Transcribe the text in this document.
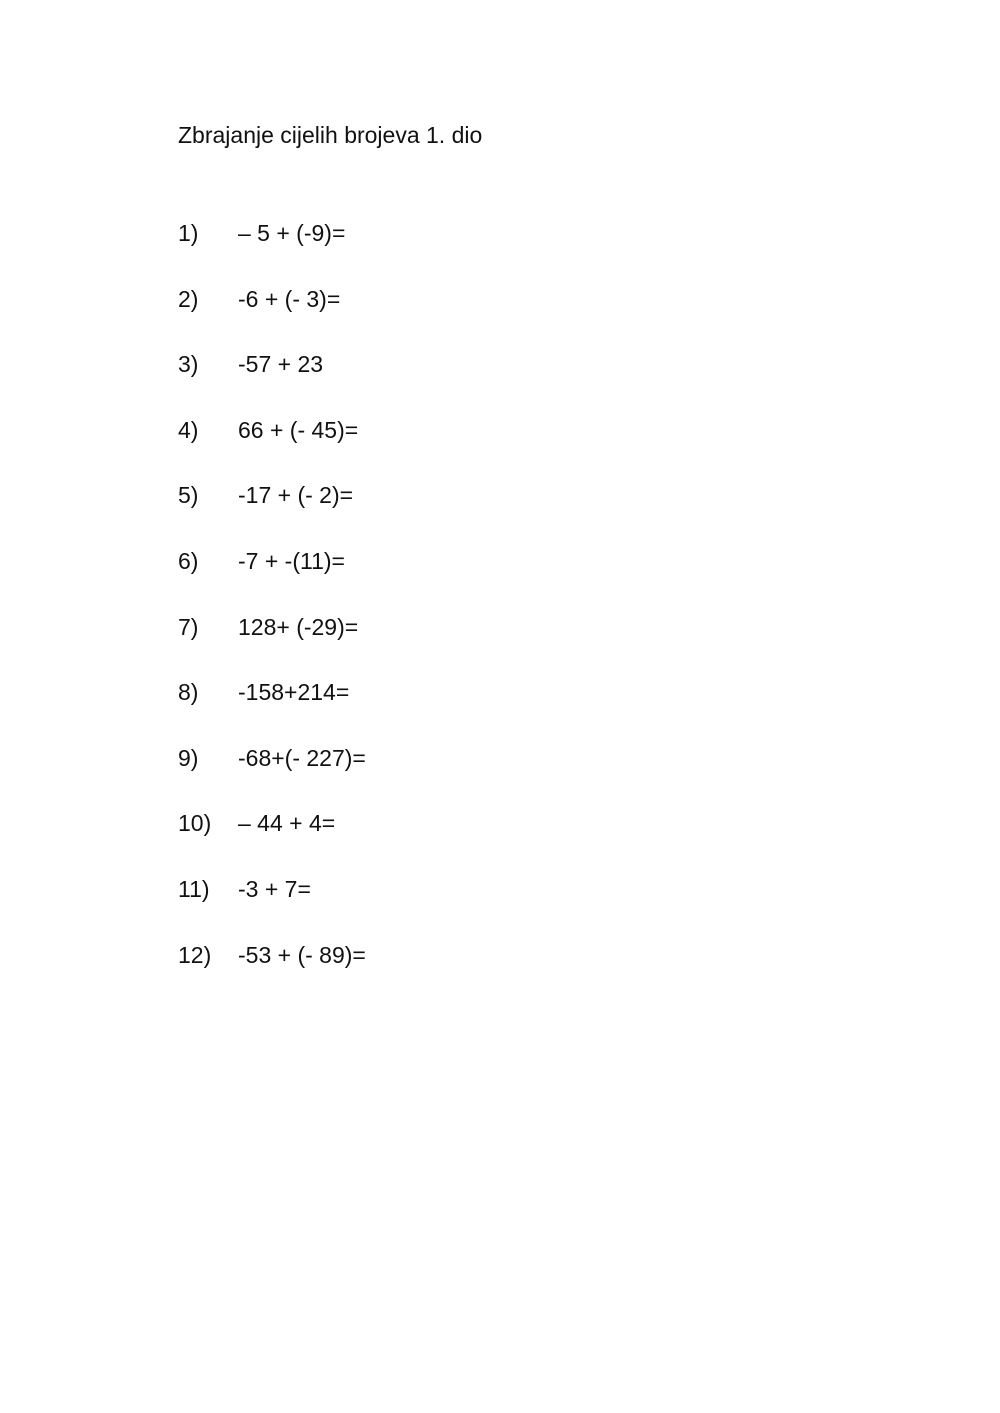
Zbrajanje cijelih brojeva 1. dio
1)	– 5 + (-9)=
2)	-6 + (- 3)=
3)	-57 + 23
4)	66 + (- 45)=
5)	-17 + (- 2)=
6)	-7 + -(11)=
7)	128+ (-29)=
8)	-158+214=
9)	-68+(- 227)=
10)	– 44 + 4=
11)	-3 + 7=
12)	-53 + (- 89)=
